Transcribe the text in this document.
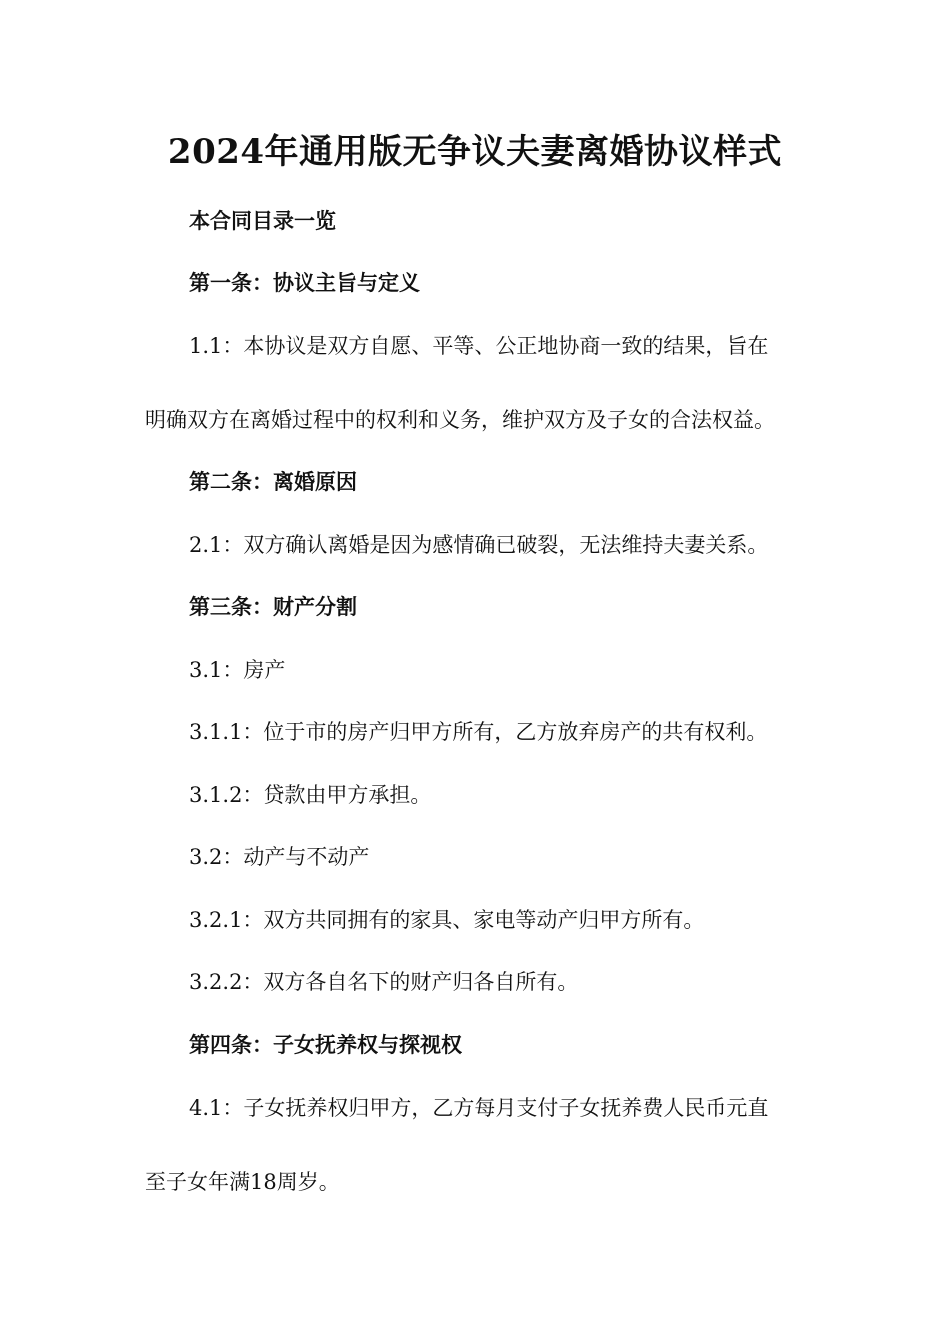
2024年通用版无争议夫妻离婚协议样式
本合同目录一览
第一条：协议主旨与定义
1.1：本协议是双方自愿、平等、公正地协商一致的结果，旨在
明确双方在离婚过程中的权利和义务，维护双方及子女的合法权益。
第二条：离婚原因
2.1：双方确认离婚是因为感情确已破裂，无法维持夫妻关系。
第三条：财产分割
3.1：房产
3.1.1：位于市的房产归甲方所有，乙方放弃房产的共有权利。
3.1.2：贷款由甲方承担。
3.2：动产与不动产
3.2.1：双方共同拥有的家具、家电等动产归甲方所有。
3.2.2：双方各自名下的财产归各自所有。
第四条：子女抚养权与探视权
4.1：子女抚养权归甲方，乙方每月支付子女抚养费人民币元直
至子女年满18周岁。
